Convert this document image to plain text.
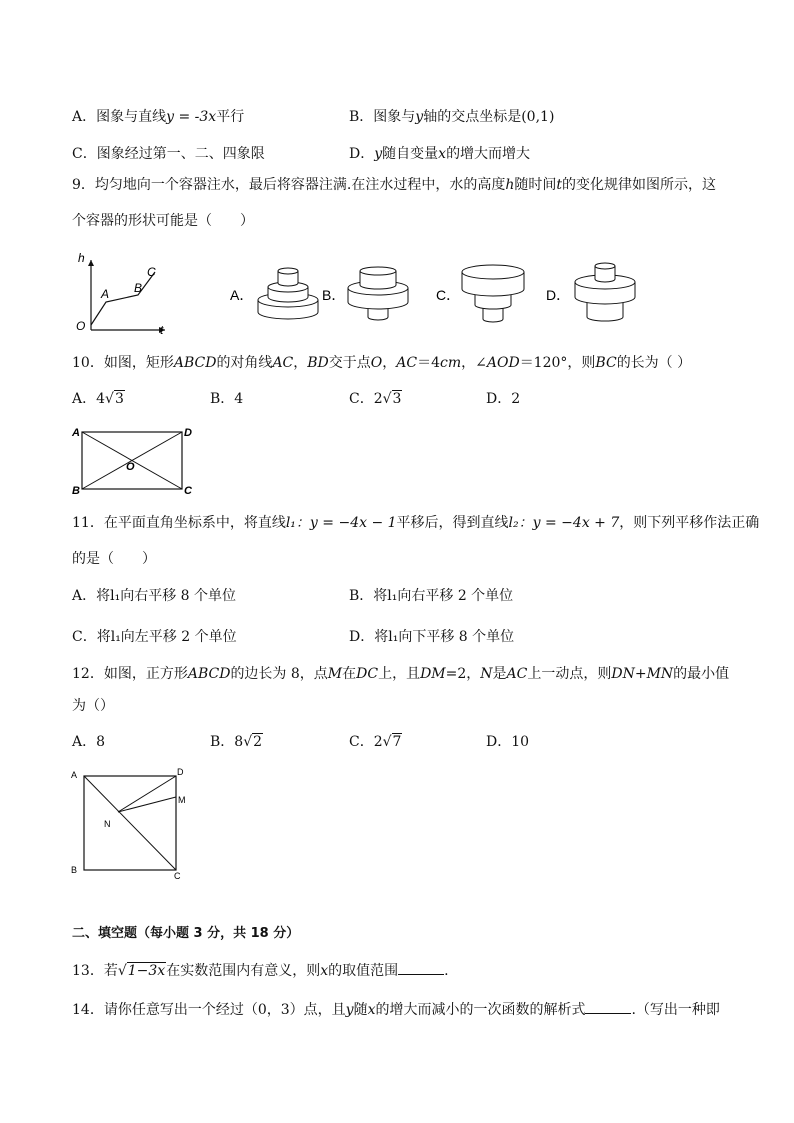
A．图象与直线y = -3x平行	B．图象与y轴的交点坐标是(0,1)
C．图象经过第一、二、四象限	D．y随自变量x的增大而增大
9．均匀地向一个容器注水，最后将容器注满.在注水过程中，水的高度h随时间t的变化规律如图所示，这
个容器的形状可能是（　　）
h
t
O
A B
C
A．	B．	C．	D．
10．如图，矩形ABCD的对角线AC，BD交于点O，AC＝4cm，∠AOD＝120°，则BC的长为（ ）
A．4√3	B．4	C．2√3	D．2
A	D
B	C
O
11．在平面直角坐标系中，将直线l₁：y = −4x − 1平移后，得到直线l₂：y = −4x + 7，则下列平移作法正确
的是（　　）
A．将l₁向右平移 8 个单位	B．将l₁向右平移 2 个单位
C．将l₁向左平移 2 个单位	D．将l₁向下平移 8 个单位
12．如图，正方形ABCD的边长为 8，点M在DC上，且DM=2，N是AC上一动点，则DN+MN的最小值
为（）
A．8	B．8√2	C．2√7	D．10
A	D
M
N
B
C
二、填空题（每小题 3 分，共 18 分）
13．若√1−3x在实数范围内有意义，则x的取值范围	.
14．请你任意写出一个经过（0，3）点，且y随x的增大而减小的一次函数的解析式	.（写出一种即
